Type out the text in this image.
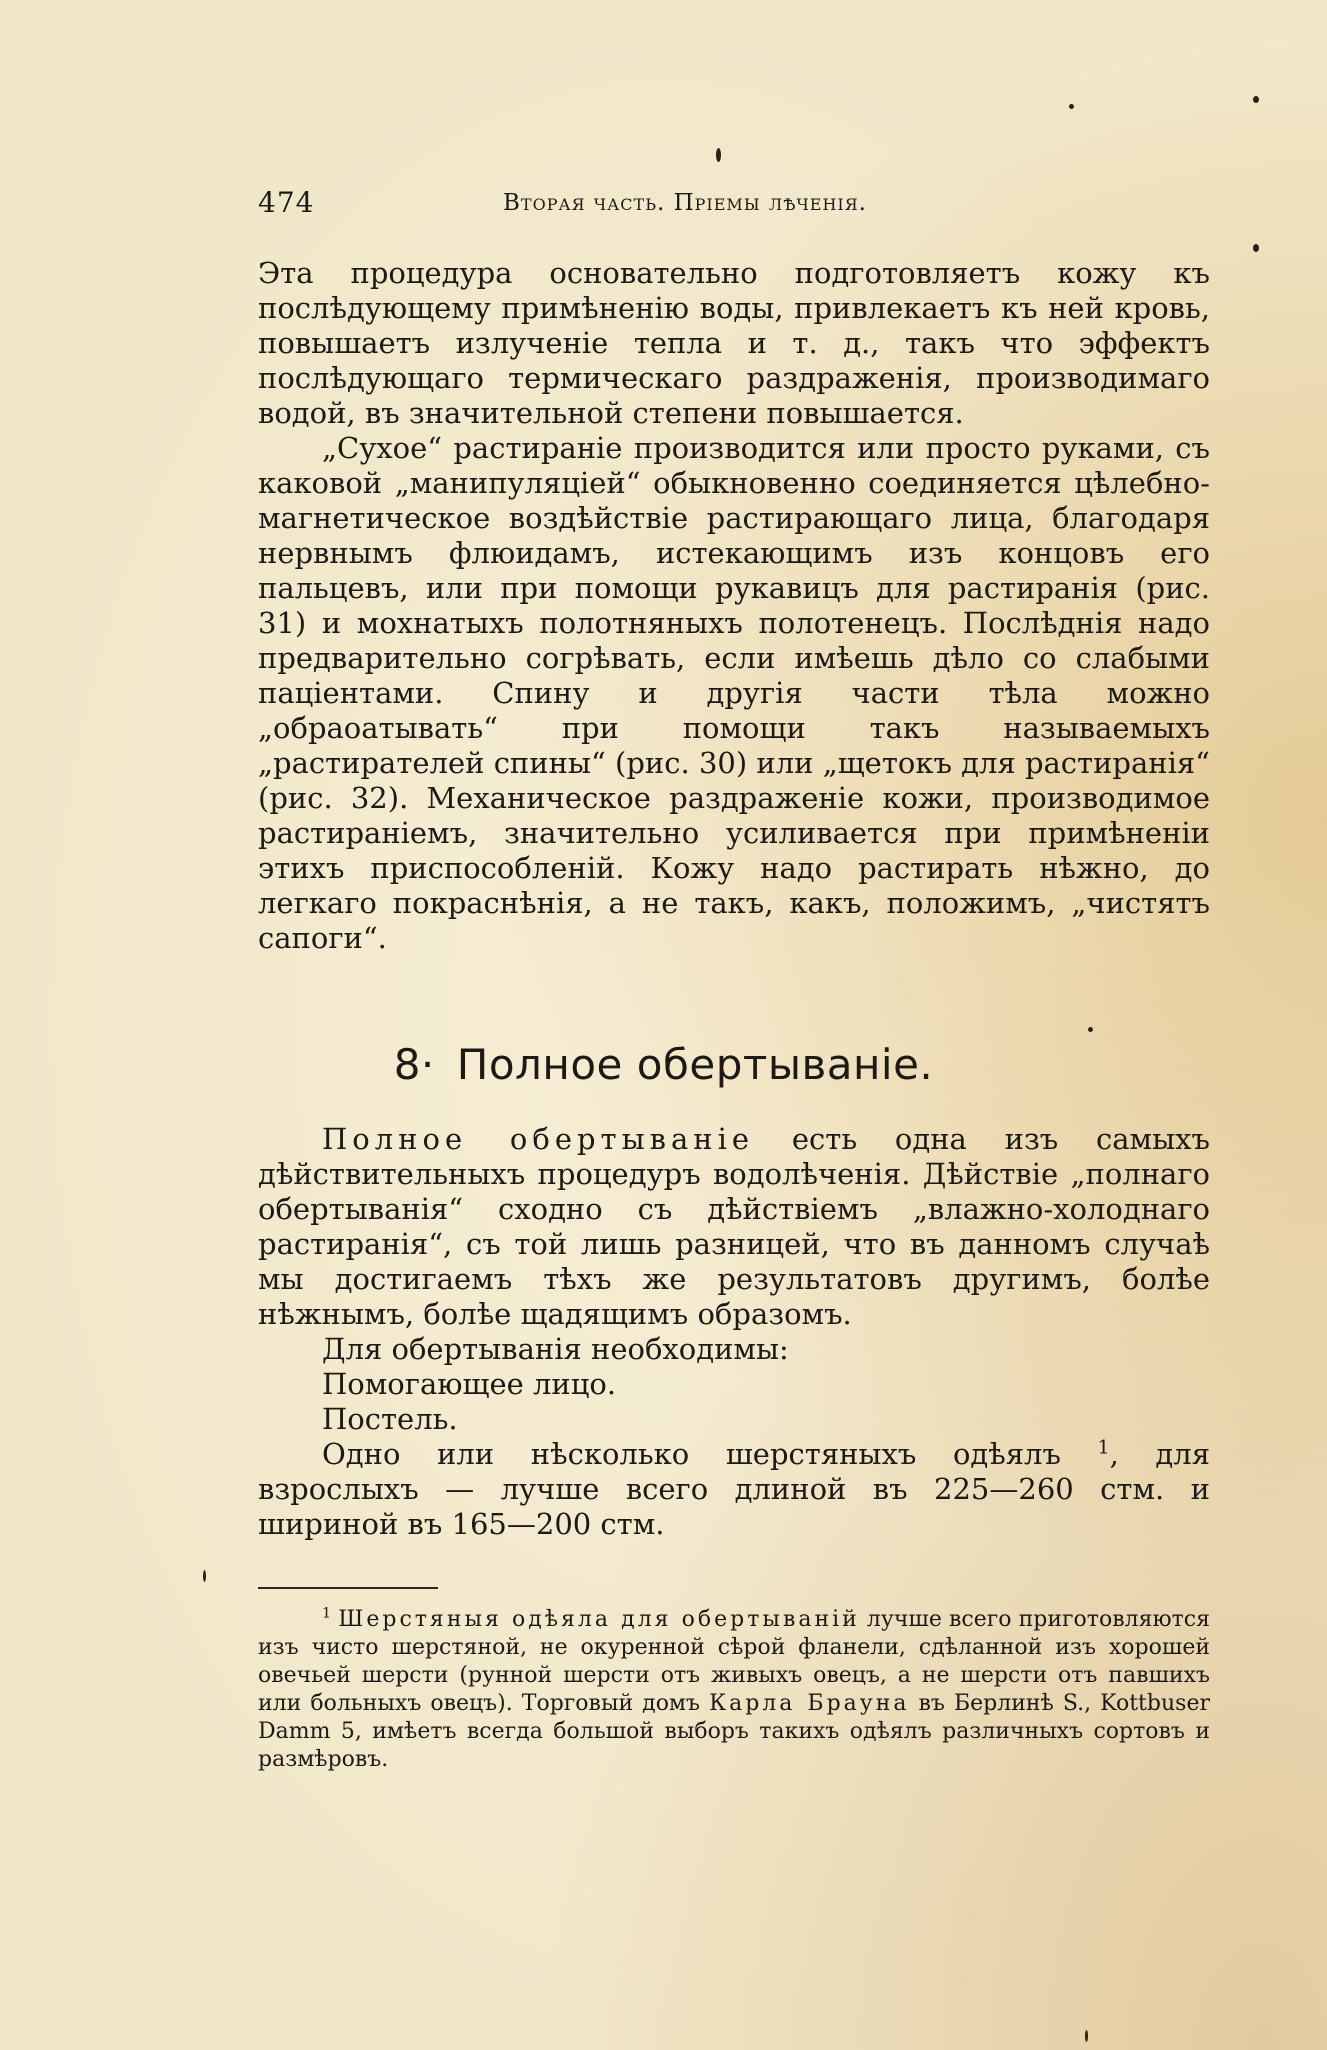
474	Вторая часть. Пріемы лѣченія.

Эта процедура основательно подготовляетъ кожу къ послѣдующему примѣненію воды, привлекаетъ къ ней кровь, повышаетъ излученіе тепла и т. д., такъ что эффектъ послѣдующаго термическаго раздраженія, производимаго водой, въ значительной степени повышается.

„Сухое“ растираніе производится или просто руками, съ каковой „манипуляціей“ обыкновенно соединяется цѣлебно-магнетическое воздѣйствіе растирающаго лица, благодаря нервнымъ флюидамъ, истекающимъ изъ концовъ его пальцевъ, или при помощи рукавицъ для растиранія (рис. 31) и мохнатыхъ полотняныхъ полотенецъ. Послѣднія надо предварительно согрѣвать, если имѣешь дѣло со слабыми паціентами. Спину и другія части тѣла можно „обраоатывать“ при помощи такъ называемыхъ „растирателей спины“ (рис. 30) или „щетокъ для растиранія“ (рис. 32). Механическое раздраженіе кожи, производимое растираніемъ, значительно усиливается при примѣненіи этихъ приспособленій. Кожу надо растирать нѣжно, до легкаго покраснѣнія, а не такъ, какъ, положимъ, „чистятъ сапоги“.

8· Полное обертываніе.

Полное обертываніе есть одна изъ самыхъ дѣйствительныхъ процедуръ водолѣченія. Дѣйствіе „полнаго обертыванія“ сходно съ дѣйствіемъ „влажно-холоднаго растиранія“, съ той лишь разницей, что въ данномъ случаѣ мы достигаемъ тѣхъ же результатовъ другимъ, болѣе нѣжнымъ, болѣе щадящимъ образомъ.

Для обертыванія необходимы:

Помогающее лицо.

Постель.

Одно или нѣсколько шерстяныхъ одѣялъ $^1$, для взрослыхъ — лучше всего длиной въ 225—260 стм. и шириной въ 165—200 стм.

$^1$ Шерстяныя одѣяла для обертываній лучше всего приготовляются изъ чисто шерстяной, не окуренной сѣрой фланели, сдѣланной изъ хорошей овечьей шерсти (рунной шерсти отъ живыхъ овецъ, а не шерсти отъ павшихъ или больныхъ овецъ). Торговый домъ Карла Брауна въ Берлинѣ S., Kottbuser Damm 5, имѣетъ всегда большой выборъ такихъ одѣялъ различныхъ сортовъ и размѣровъ.
